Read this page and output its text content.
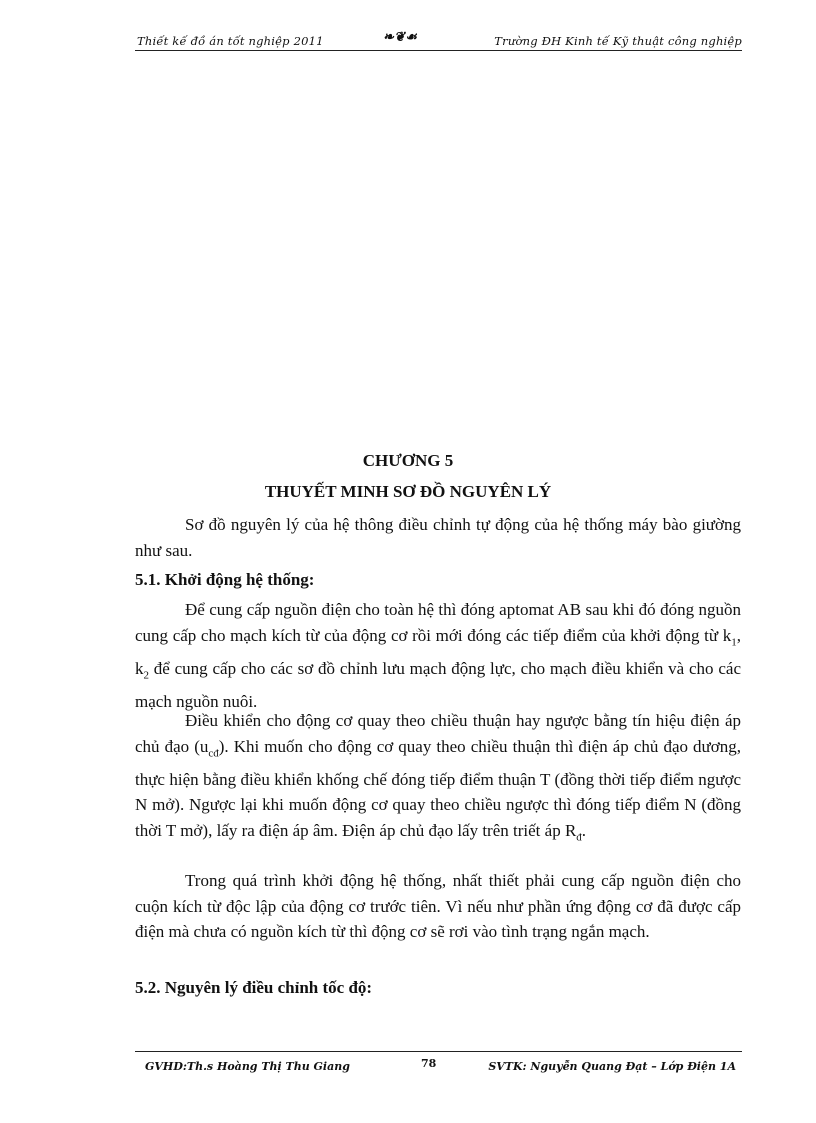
Thiết kế đồ án tốt nghiệp 2011	❧❦☙	Trường ĐH Kinh tế Kỹ thuật công nghiệp
CHƯƠNG 5
THUYẾT MINH SƠ ĐỒ NGUYÊN LÝ

Sơ đồ nguyên lý của hệ thông điều chỉnh tự động của hệ thống máy bào giường như sau.

5.1. Khởi động hệ thống:

Để cung cấp nguồn điện cho toàn hệ thì đóng aptomat AB sau khi đó đóng nguồn cung cấp cho mạch kích từ của động cơ rồi mới đóng các tiếp điểm của khởi động từ $k_1$, $k_2$ để cung cấp cho các sơ đồ chỉnh lưu mạch động lực, cho mạch điều khiển và cho các mạch nguồn nuôi.

Điều khiển cho động cơ quay theo chiều thuận hay ngược bằng tín hiệu điện áp chủ đạo $(u_{cđ})$. Khi muốn cho động cơ quay theo chiều thuận thì điện áp chủ đạo dương, thực hiện bằng điều khiển khống chế đóng tiếp điểm thuận T (đồng thời tiếp điểm ngược N mở). Ngược lại khi muốn động cơ quay theo chiều ngược thì đóng tiếp điểm N (đồng thời T mở), lấy ra điện áp âm. Điện áp chủ đạo lấy trên triết áp $R_đ$.

Trong quá trình khởi động hệ thống, nhất thiết phải cung cấp nguồn điện cho cuộn kích từ độc lập của động cơ trước tiên. Vì nếu như phần ứng động cơ đã được cấp điện mà chưa có nguồn kích từ thì động cơ sẽ rơi vào tình trạng ngắn mạch.

5.2. Nguyên lý điều chỉnh tốc độ:

GVHD:Th.s Hoàng Thị Thu Giang	78	SVTK: Nguyễn Quang Đạt – Lớp Điện 1A
